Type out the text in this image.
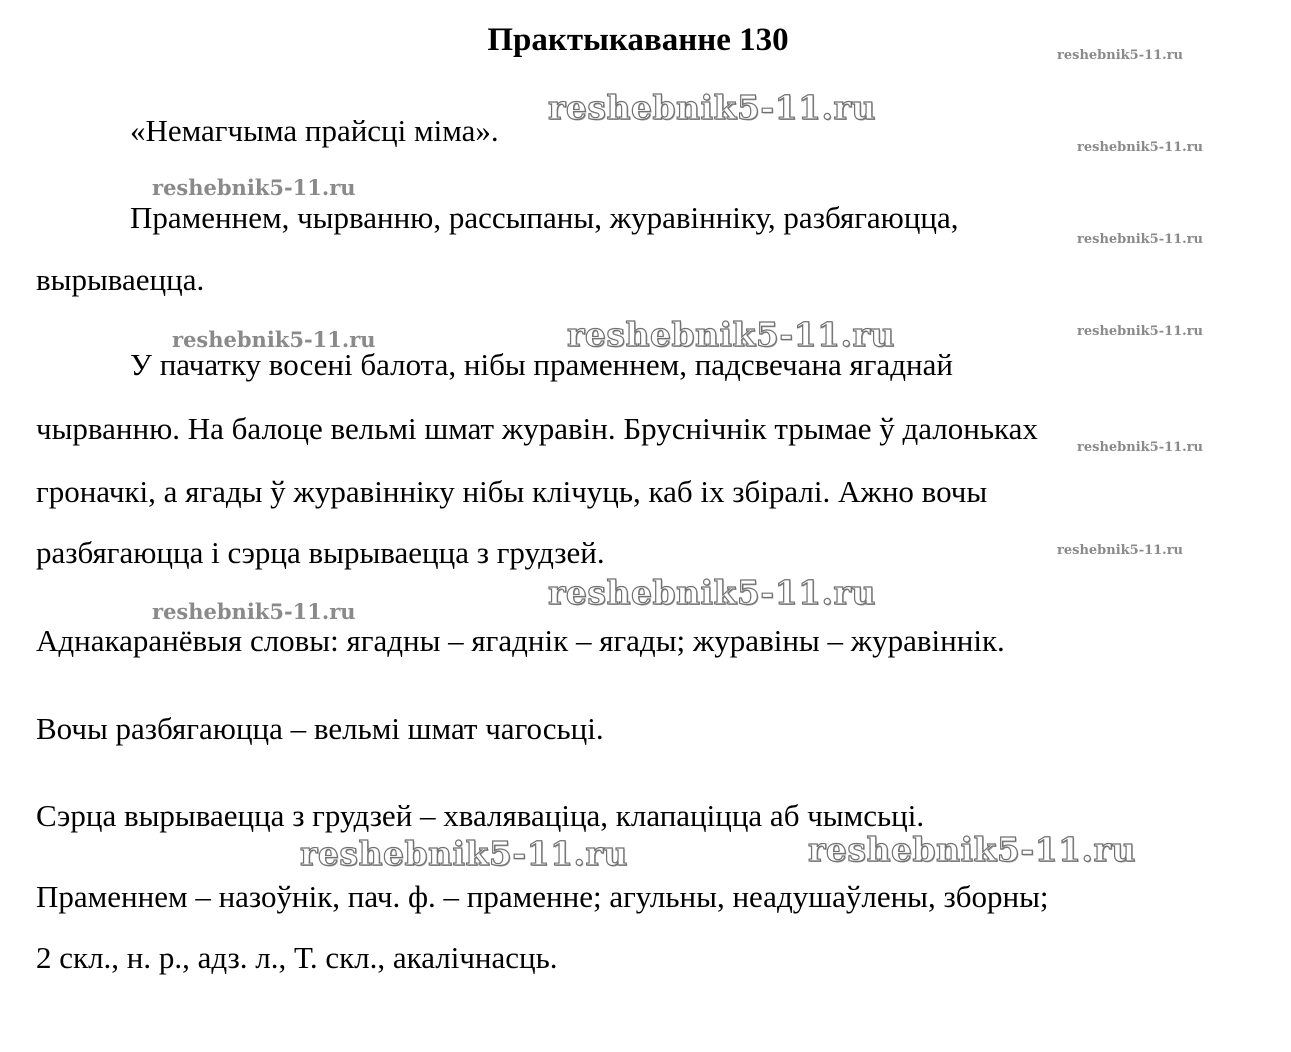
Практыкаванне 130
«Немагчыма прайсці міма».
Праменнем, чырванню, рассыпаны, журавінніку, разбягаюцца,
вырываецца.
У пачатку восені балота, нібы праменнем, падсвечана ягаднай
чырванню. На балоце вельмі шмат журавін. Бруснічнік трымае ў далоньках
гроначкі, а ягады ў журавінніку нібы клічуць, каб іх збіралі. Ажно вочы
разбягаюцца і сэрца вырываецца з грудзей.
Аднакаранёвыя словы: ягадны – ягаднік – ягады; журавіны – журавіннік.
Вочы разбягаюцца – вельмі шмат чагосьці.
Сэрца вырываецца з грудзей – хваляваціца, клапаціцца аб чымсьці.
Праменнем – назоўнік, пач. ф. – праменне; агульны, неадушаўлены, зборны;
2 скл., н. р., адз. л., Т. скл., акалічнасць.
reshebnik5-11.ru
reshebnik5-11.ru
reshebnik5-11.ru
reshebnik5-11.ru
reshebnik5-11.ru
reshebnik5-11.ru	reshebnik5-11.ru	reshebnik5-11.ru
reshebnik5-11.ru
reshebnik5-11.ru
reshebnik5-11.ru
reshebnik5-11.ru
reshebnik5-11.ru	reshebnik5-11.ru
